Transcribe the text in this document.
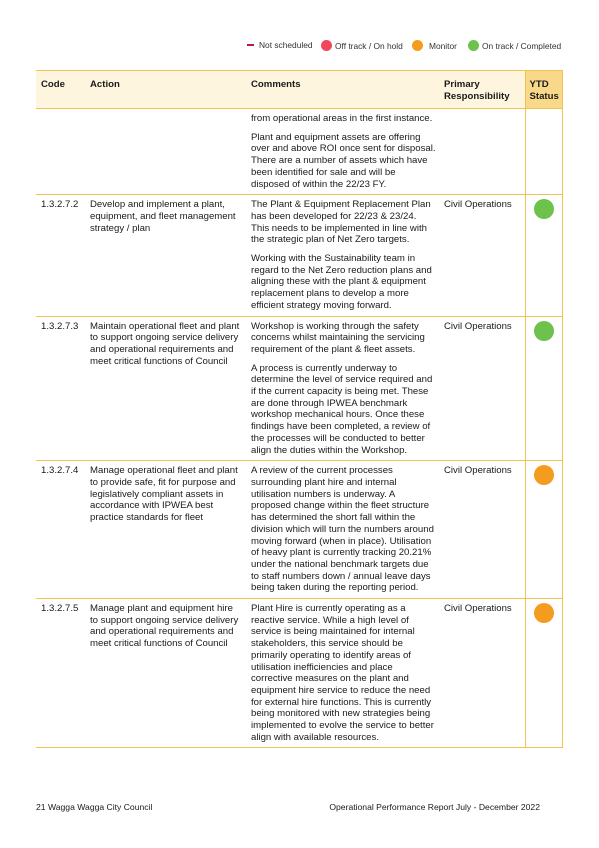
Not scheduled	Off track / On hold	Monitor	On track / Completed
Code	Action	Comments	Primary Responsibility	YTD Status

		from operational areas in the first instance.

Plant and equipment assets are offering over and above ROI once sent for disposal. There are a number of assets which have been identified for sale and will be disposed of within the 22/23 FY.		

1.3.2.7.2	Develop and implement a plant, equipment, and fleet management strategy / plan	The Plant & Equipment Replacement Plan has been developed for 22/23 & 23/24. This needs to be implemented in line with the strategic plan of Net Zero targets.

Working with the Sustainability team in regard to the Net Zero reduction plans and aligning these with the plant & equipment replacement plans to develop a more efficient strategy moving forward.	Civil Operations	
1.3.2.7.3	Maintain operational fleet and plant to support ongoing service delivery and operational requirements and meet critical functions of Council	Workshop is working through the safety concerns whilst maintaining the servicing requirement of the plant & fleet assets.

A process is currently underway to determine the level of service required and if the current capacity is being met. These are done through IPWEA benchmark workshop mechanical hours. Once these findings have been completed, a review of the processes will be conducted to better align the duties within the Workshop.	Civil Operations	
1.3.2.7.4	Manage operational fleet and plant to provide safe, fit for purpose and legislatively compliant assets in accordance with IPWEA best practice standards for fleet	A review of the current processes surrounding plant hire and internal utilisation numbers is underway. A proposed change within the fleet structure has determined the short fall within the division which will turn the numbers around moving forward (when in place). Utilisation of heavy plant is currently tracking 20.21% under the national benchmark targets due to staff numbers down / annual leave days being taken during the reporting period.	Civil Operations	
1.3.2.7.5	Manage plant and equipment hire to support ongoing service delivery and operational requirements and meet critical functions of Council	Plant Hire is currently operating as a reactive service. While a high level of service is being maintained for internal stakeholders, this service should be primarily operating to identify areas of utilisation inefficiencies and place corrective measures on the plant and equipment hire service to reduce the need for external hire functions. This is currently being monitored with new strategies being implemented to evolve the service to better align with available resources.	Civil Operations	
21 Wagga Wagga City Council	Operational Performance Report July - December 2022
